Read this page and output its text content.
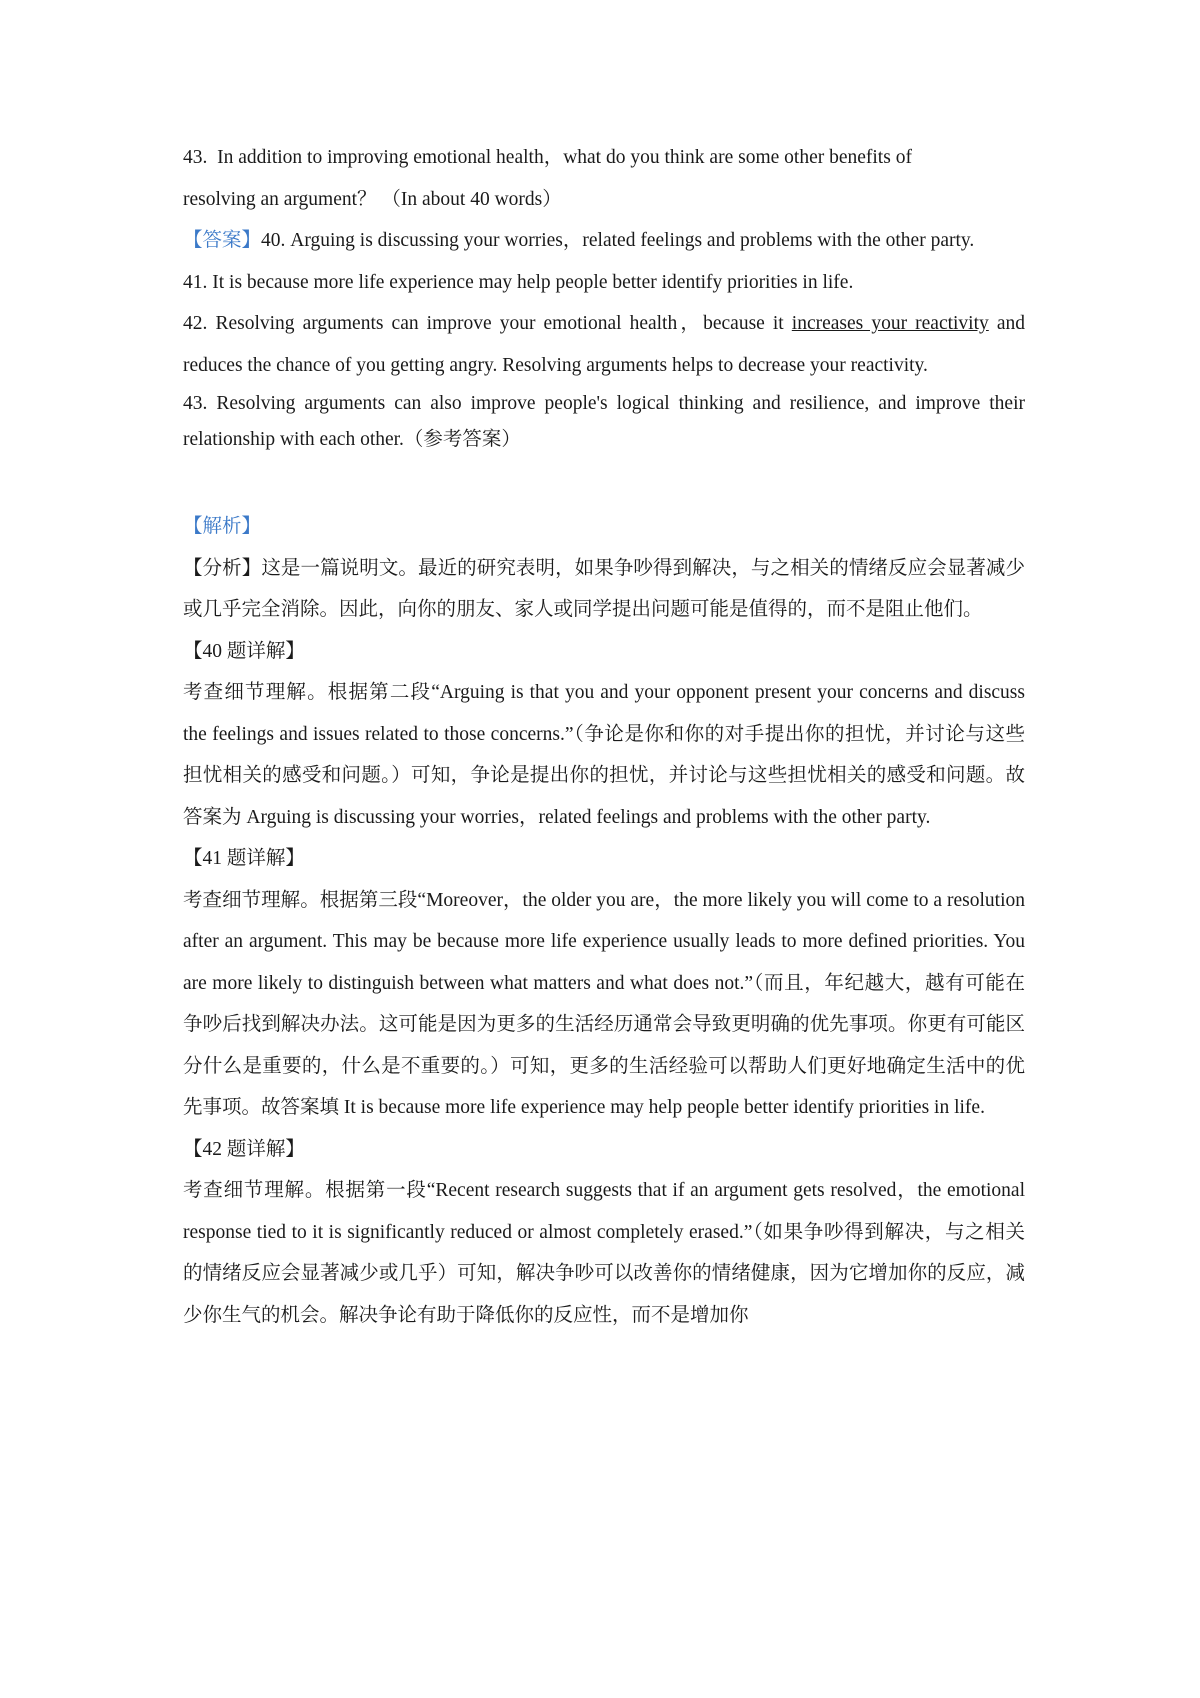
43. In addition to improving emotional health，what do you think are some other benefits of
resolving an argument？ （In about 40 words）

【答案】40. Arguing is discussing your worries，related feelings and problems with the other party.

41. It is because more life experience may help people better identify priorities in life.

42. Resolving arguments can improve your emotional health，because it increases your reactivity and reduces the chance of you getting angry. Resolving arguments helps to decrease your reactivity.

43. Resolving arguments can also improve people's logical thinking and resilience, and improve their relationship with each other.（参考答案）

【解析】

【分析】这是一篇说明文。最近的研究表明，如果争吵得到解决，与之相关的情绪反应会显著减少或几乎完全消除。因此，向你的朋友、家人或同学提出问题可能是值得的，而不是阻止他们。

【40 题详解】

考查细节理解。根据第二段“Arguing is that you and your opponent present your concerns and discuss the feelings and issues related to those concerns.”（争论是你和你的对手提出你的担忧，并讨论与这些担忧相关的感受和问题。）可知，争论是提出你的担忧，并讨论与这些担忧相关的感受和问题。故答案为 Arguing is discussing your worries，related feelings and problems with the other party.

【41 题详解】

考查细节理解。根据第三段“Moreover，the older you are，the more likely you will come to a resolution after an argument. This may be because more life experience usually leads to more defined priorities. You are more likely to distinguish between what matters and what does not.”（而且，年纪越大，越有可能在争吵后找到解决办法。这可能是因为更多的生活经历通常会导致更明确的优先事项。你更有可能区分什么是重要的，什么是不重要的。）可知，更多的生活经验可以帮助人们更好地确定生活中的优先事项。故答案填 It is because more life experience may help people better identify priorities in life.

【42 题详解】

考查细节理解。根据第一段“Recent research suggests that if an argument gets resolved，the emotional response tied to it is significantly reduced or almost completely erased.”（如果争吵得到解决，与之相关的情绪反应会显著减少或几乎）可知，解决争吵可以改善你的情绪健康，因为它增加你的反应，减少你生气的机会。解决争论有助于降低你的反应性，而不是增加你
